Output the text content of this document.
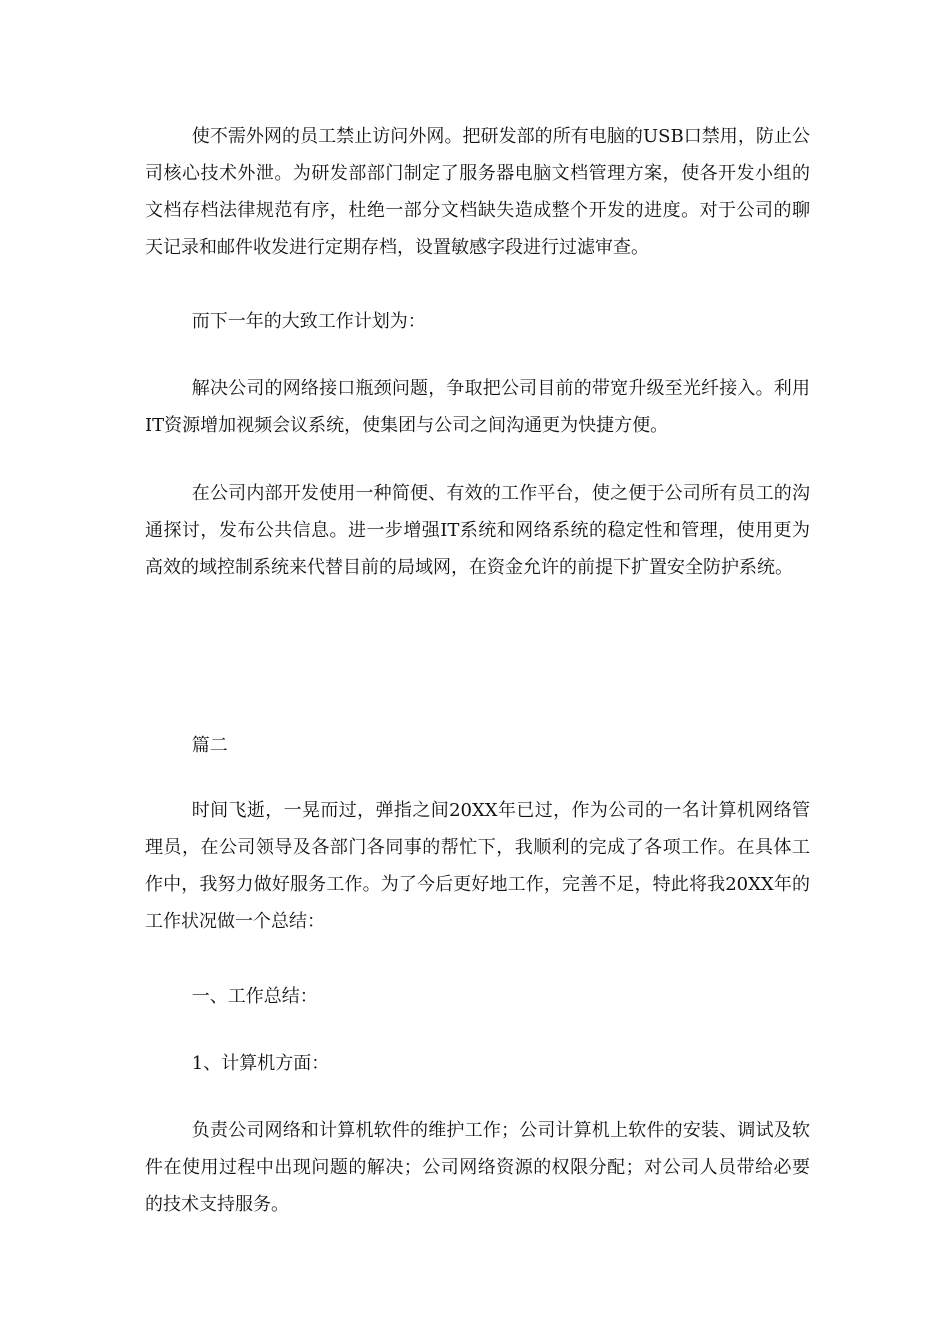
使不需外网的员工禁止访问外网。把研发部的所有电脑的USB口禁用，防止公司核心技术外泄。为研发部部门制定了服务器电脑文档管理方案，使各开发小组的文档存档法律规范有序，杜绝一部分文档缺失造成整个开发的进度。对于公司的聊天记录和邮件收发进行定期存档，设置敏感字段进行过滤审查。

而下一年的大致工作计划为：

解决公司的网络接口瓶颈问题，争取把公司目前的带宽升级至光纤接入。利用IT资源增加视频会议系统，使集团与公司之间沟通更为快捷方便。

在公司内部开发使用一种简便、有效的工作平台，使之便于公司所有员工的沟通探讨，发布公共信息。进一步增强IT系统和网络系统的稳定性和管理，使用更为高效的域控制系统来代替目前的局域网，在资金允许的前提下扩置安全防护系统。

篇二

时间飞逝，一晃而过，弹指之间20XX年已过，作为公司的一名计算机网络管理员，在公司领导及各部门各同事的帮忙下，我顺利的完成了各项工作。在具体工作中，我努力做好服务工作。为了今后更好地工作，完善不足，特此将我20XX年的工作状况做一个总结：

一、工作总结：

1、计算机方面：

负责公司网络和计算机软件的维护工作；公司计算机上软件的安装、调试及软件在使用过程中出现问题的解决；公司网络资源的权限分配；对公司人员带给必要的技术支持服务。
